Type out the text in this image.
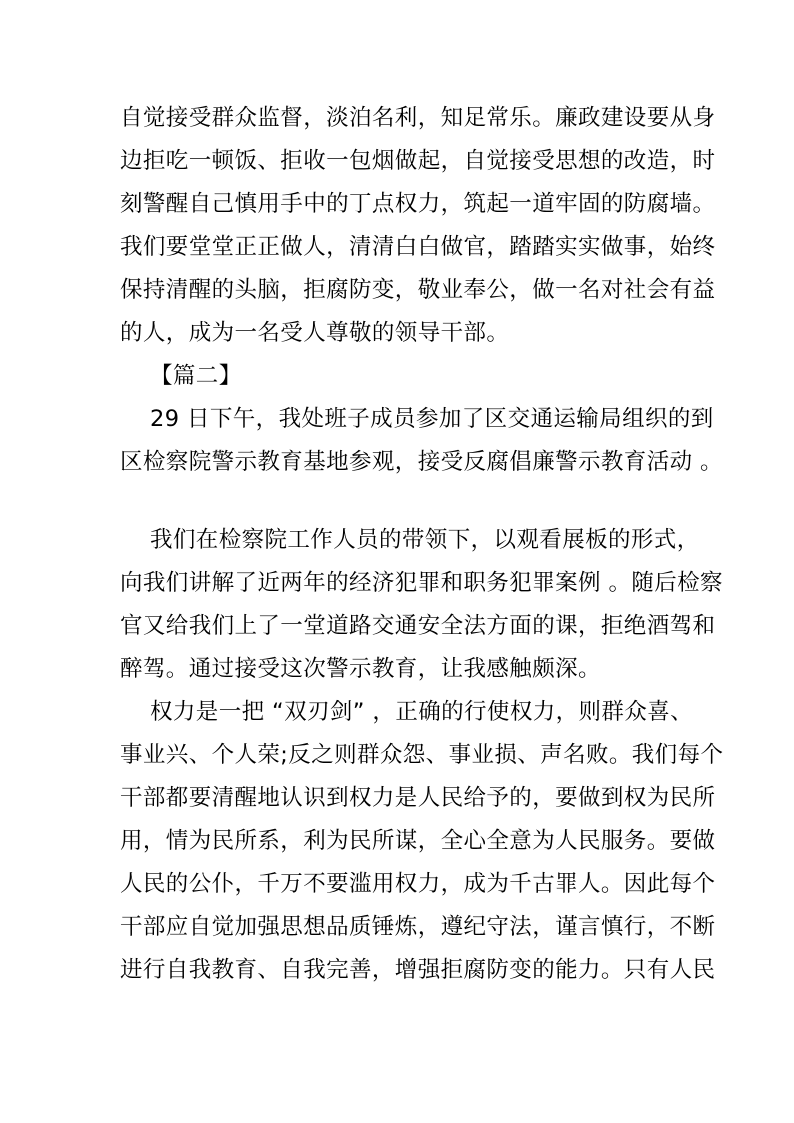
自觉接受群众监督，淡泊名利，知足常乐。廉政建设要从身
边拒吃一顿饭、拒收一包烟做起，自觉接受思想的改造，时
刻警醒自己慎用手中的丁点权力，筑起一道牢固的防腐墙。
我们要堂堂正正做人，清清白白做官，踏踏实实做事，始终
保持清醒的头脑，拒腐防变，敬业奉公，做一名对社会有益
的人，成为一名受人尊敬的领导干部。
【篇二】
29 日下午，我处班子成员参加了区交通运输局组织的到
区检察院警示教育基地参观，接受反腐倡廉警示教育活动 。
我们在检察院工作人员的带领下，以观看展板的形式，
向我们讲解了近两年的经济犯罪和职务犯罪案例 。随后检察
官又给我们上了一堂道路交通安全法方面的课，拒绝酒驾和
醉驾。通过接受这次警示教育，让我感触颇深。
权力是一把 “双刃剑” ，正确的行使权力，则群众喜、
事业兴、个人荣;反之则群众怨、事业损、声名败。我们每个
干部都要清醒地认识到权力是人民给予的，要做到权为民所
用，情为民所系，利为民所谋，全心全意为人民服务。要做
人民的公仆，千万不要滥用权力，成为千古罪人。因此每个
干部应自觉加强思想品质锤炼，遵纪守法，谨言慎行，不断
进行自我教育、自我完善，增强拒腐防变的能力。只有人民
